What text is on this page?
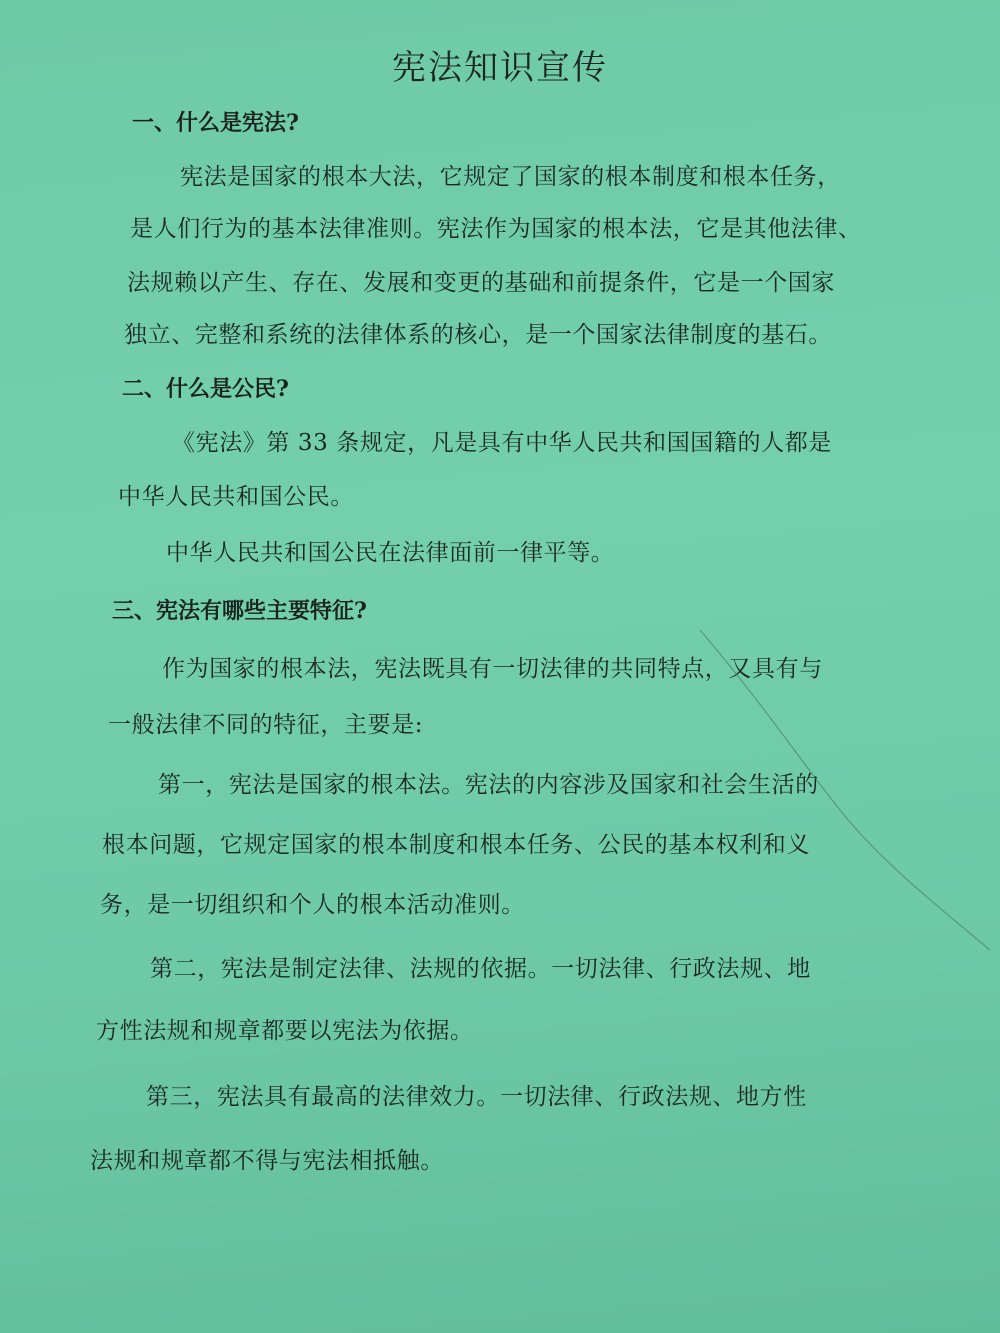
宪法知识宣传
一、什么是宪法?
宪法是国家的根本大法，它规定了国家的根本制度和根本任务，
是人们行为的基本法律准则。宪法作为国家的根本法，它是其他法律、
法规赖以产生、存在、发展和变更的基础和前提条件，它是一个国家
独立、完整和系统的法律体系的核心，是一个国家法律制度的基石。
二、什么是公民?
《宪法》第 33 条规定，凡是具有中华人民共和国国籍的人都是
中华人民共和国公民。
中华人民共和国公民在法律面前一律平等。
三、宪法有哪些主要特征?
作为国家的根本法，宪法既具有一切法律的共同特点，又具有与
一般法律不同的特征，主要是:
第一，宪法是国家的根本法。宪法的内容涉及国家和社会生活的
根本问题，它规定国家的根本制度和根本任务、公民的基本权利和义
务，是一切组织和个人的根本活动准则。
第二，宪法是制定法律、法规的依据。一切法律、行政法规、地
方性法规和规章都要以宪法为依据。
第三，宪法具有最高的法律效力。一切法律、行政法规、地方性
法规和规章都不得与宪法相抵触。
